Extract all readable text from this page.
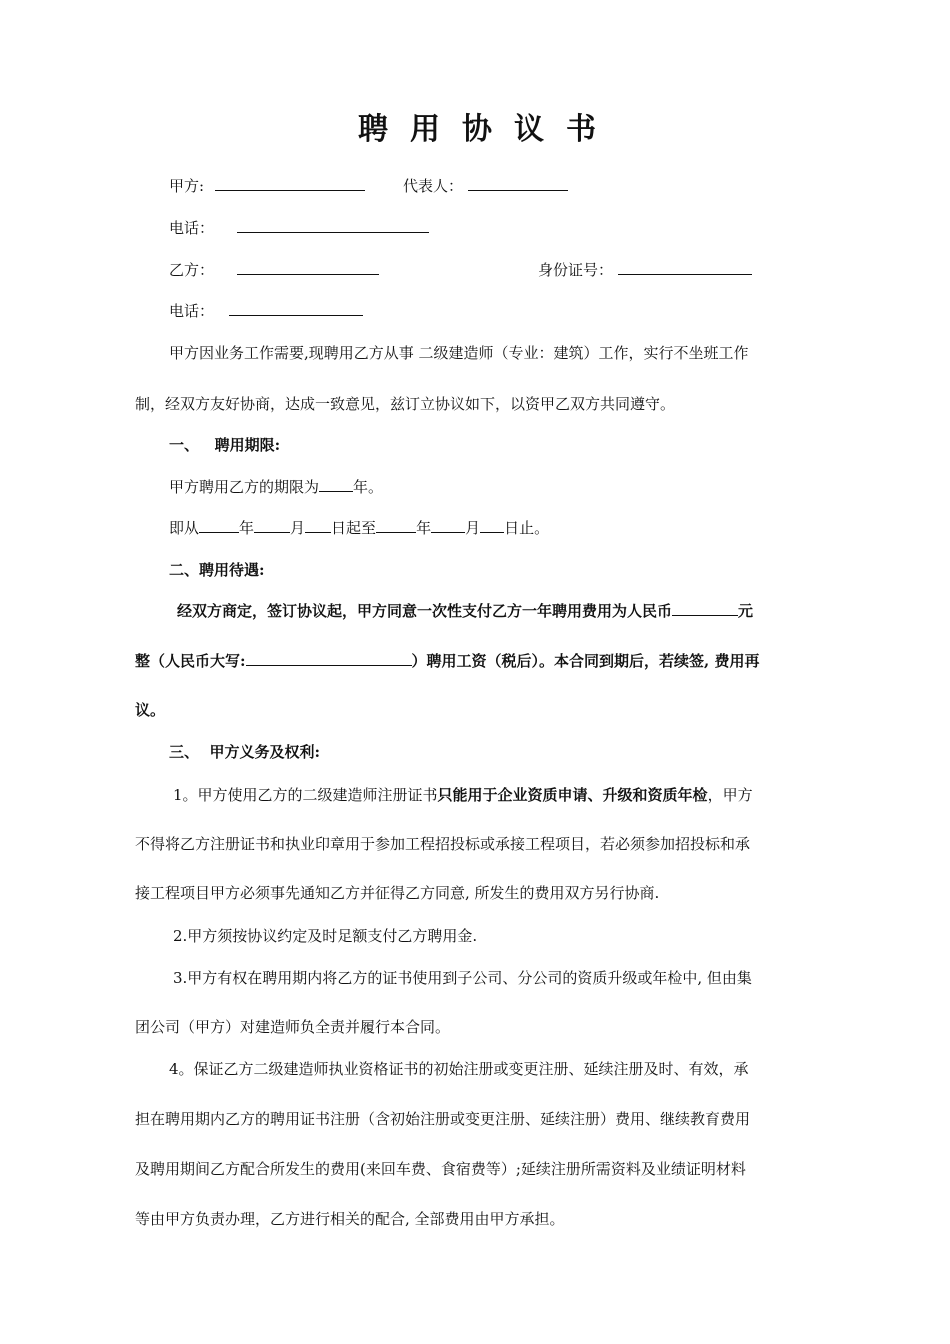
聘用协议书
甲方:	代表人：
电话：
乙方：	身份证号：
电话：
甲方因业务工作需要,现聘用乙方从事 二级建造师（专业：建筑）工作，实行不坐班工作
制，经双方友好协商，达成一致意见，兹订立协议如下，以资甲乙双方共同遵守。
一、   聘用期限:
甲方聘用乙方的期限为 年。
即从	年 月 日起至	年 月 日止。
二、聘用待遇:
经双方商定，签订协议起，甲方同意一次性支付乙方一年聘用费用为人民币	元
整（人民币大写:	）聘用工资（税后）。本合同到期后，若续签, 费用再
议。
三、  甲方义务及权利:
1。甲方使用乙方的二级建造师注册证书只能用于企业资质申请、升级和资质年检，甲方
不得将乙方注册证书和执业印章用于参加工程招投标或承接工程项目，若必须参加招投标和承
接工程项目甲方必须事先通知乙方并征得乙方同意, 所发生的费用双方另行协商.
2.甲方须按协议约定及时足额支付乙方聘用金.
3.甲方有权在聘用期内将乙方的证书使用到子公司、分公司的资质升级或年检中, 但由集
团公司（甲方）对建造师负全责并履行本合同。
4。保证乙方二级建造师执业资格证书的初始注册或变更注册、延续注册及时、有效，承
担在聘用期内乙方的聘用证书注册（含初始注册或变更注册、延续注册）费用、继续教育费用
及聘用期间乙方配合所发生的费用(来回车费、食宿费等）;延续注册所需资料及业绩证明材料
等由甲方负责办理，乙方进行相关的配合, 全部费用由甲方承担。
